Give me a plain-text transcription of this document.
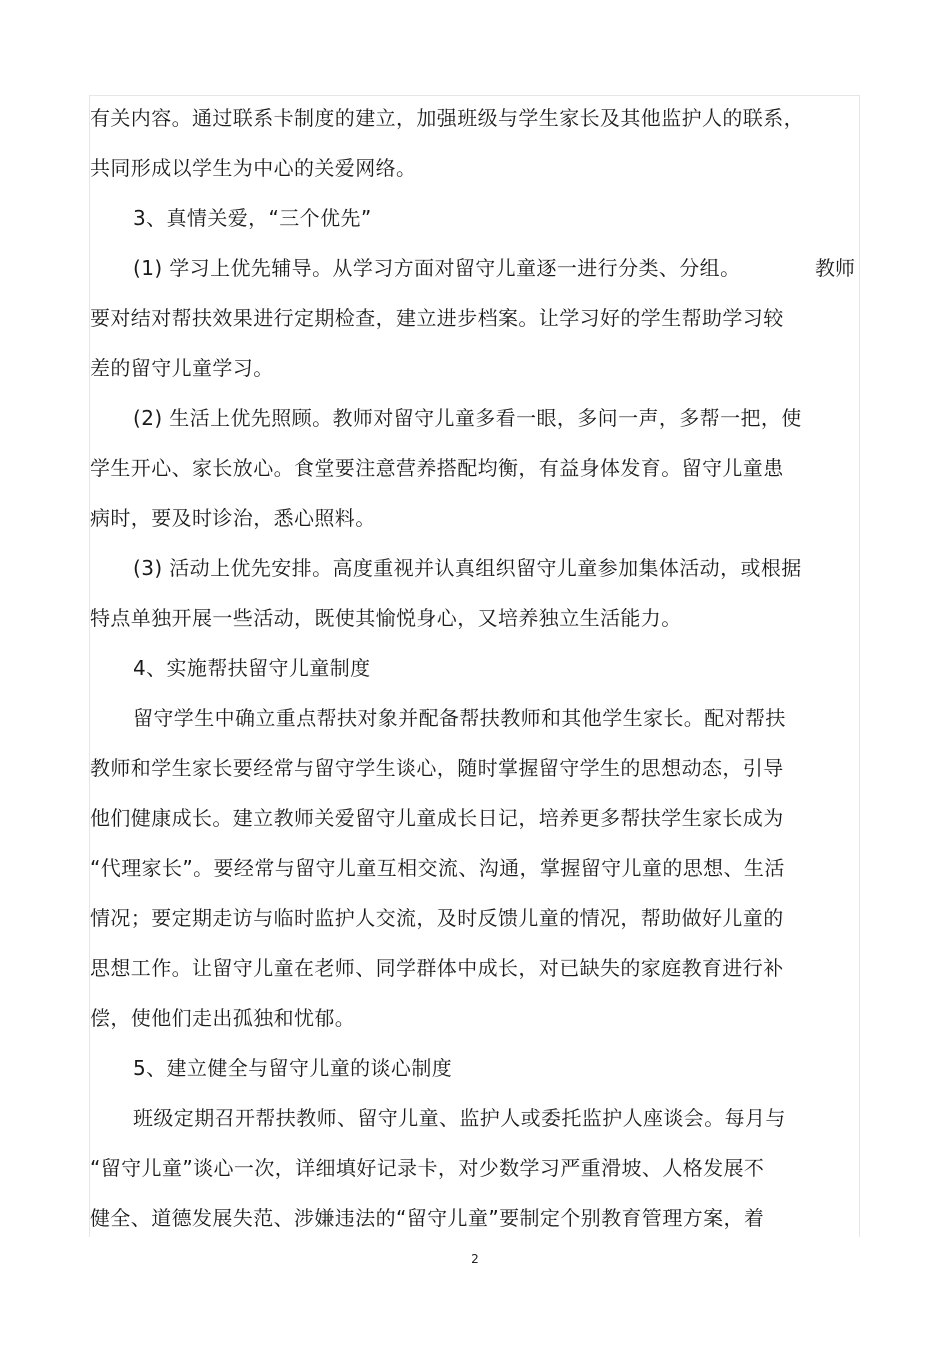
有关内容。通过联系卡制度的建立，加强班级与学生家长及其他监护人的联系，
共同形成以学生为中心的关爱网络。
3、真情关爱，“三个优先”
(1) 学习上优先辅导。从学习方面对留守儿童逐一进行分类、分组。	教师
要对结对帮扶效果进行定期检查，建立进步档案。让学习好的学生帮助学习较
差的留守儿童学习。
(2) 生活上优先照顾。教师对留守儿童多看一眼，多问一声，多帮一把，使
学生开心、家长放心。食堂要注意营养搭配均衡，有益身体发育。留守儿童患
病时，要及时诊治，悉心照料。
(3) 活动上优先安排。高度重视并认真组织留守儿童参加集体活动，或根据
特点单独开展一些活动，既使其愉悦身心，又培养独立生活能力。
4、实施帮扶留守儿童制度
留守学生中确立重点帮扶对象并配备帮扶教师和其他学生家长。配对帮扶
教师和学生家长要经常与留守学生谈心，随时掌握留守学生的思想动态，引导
他们健康成长。建立教师关爱留守儿童成长日记，培养更多帮扶学生家长成为
“代理家长”。要经常与留守儿童互相交流、沟通，掌握留守儿童的思想、生活
情况；要定期走访与临时监护人交流，及时反馈儿童的情况，帮助做好儿童的
思想工作。让留守儿童在老师、同学群体中成长，对已缺失的家庭教育进行补
偿，使他们走出孤独和忧郁。
5、建立健全与留守儿童的谈心制度
班级定期召开帮扶教师、留守儿童、监护人或委托监护人座谈会。每月与
“留守儿童”谈心一次，详细填好记录卡，对少数学习严重滑坡、人格发展不
健全、道德发展失范、涉嫌违法的“留守儿童”要制定个别教育管理方案，着
2
